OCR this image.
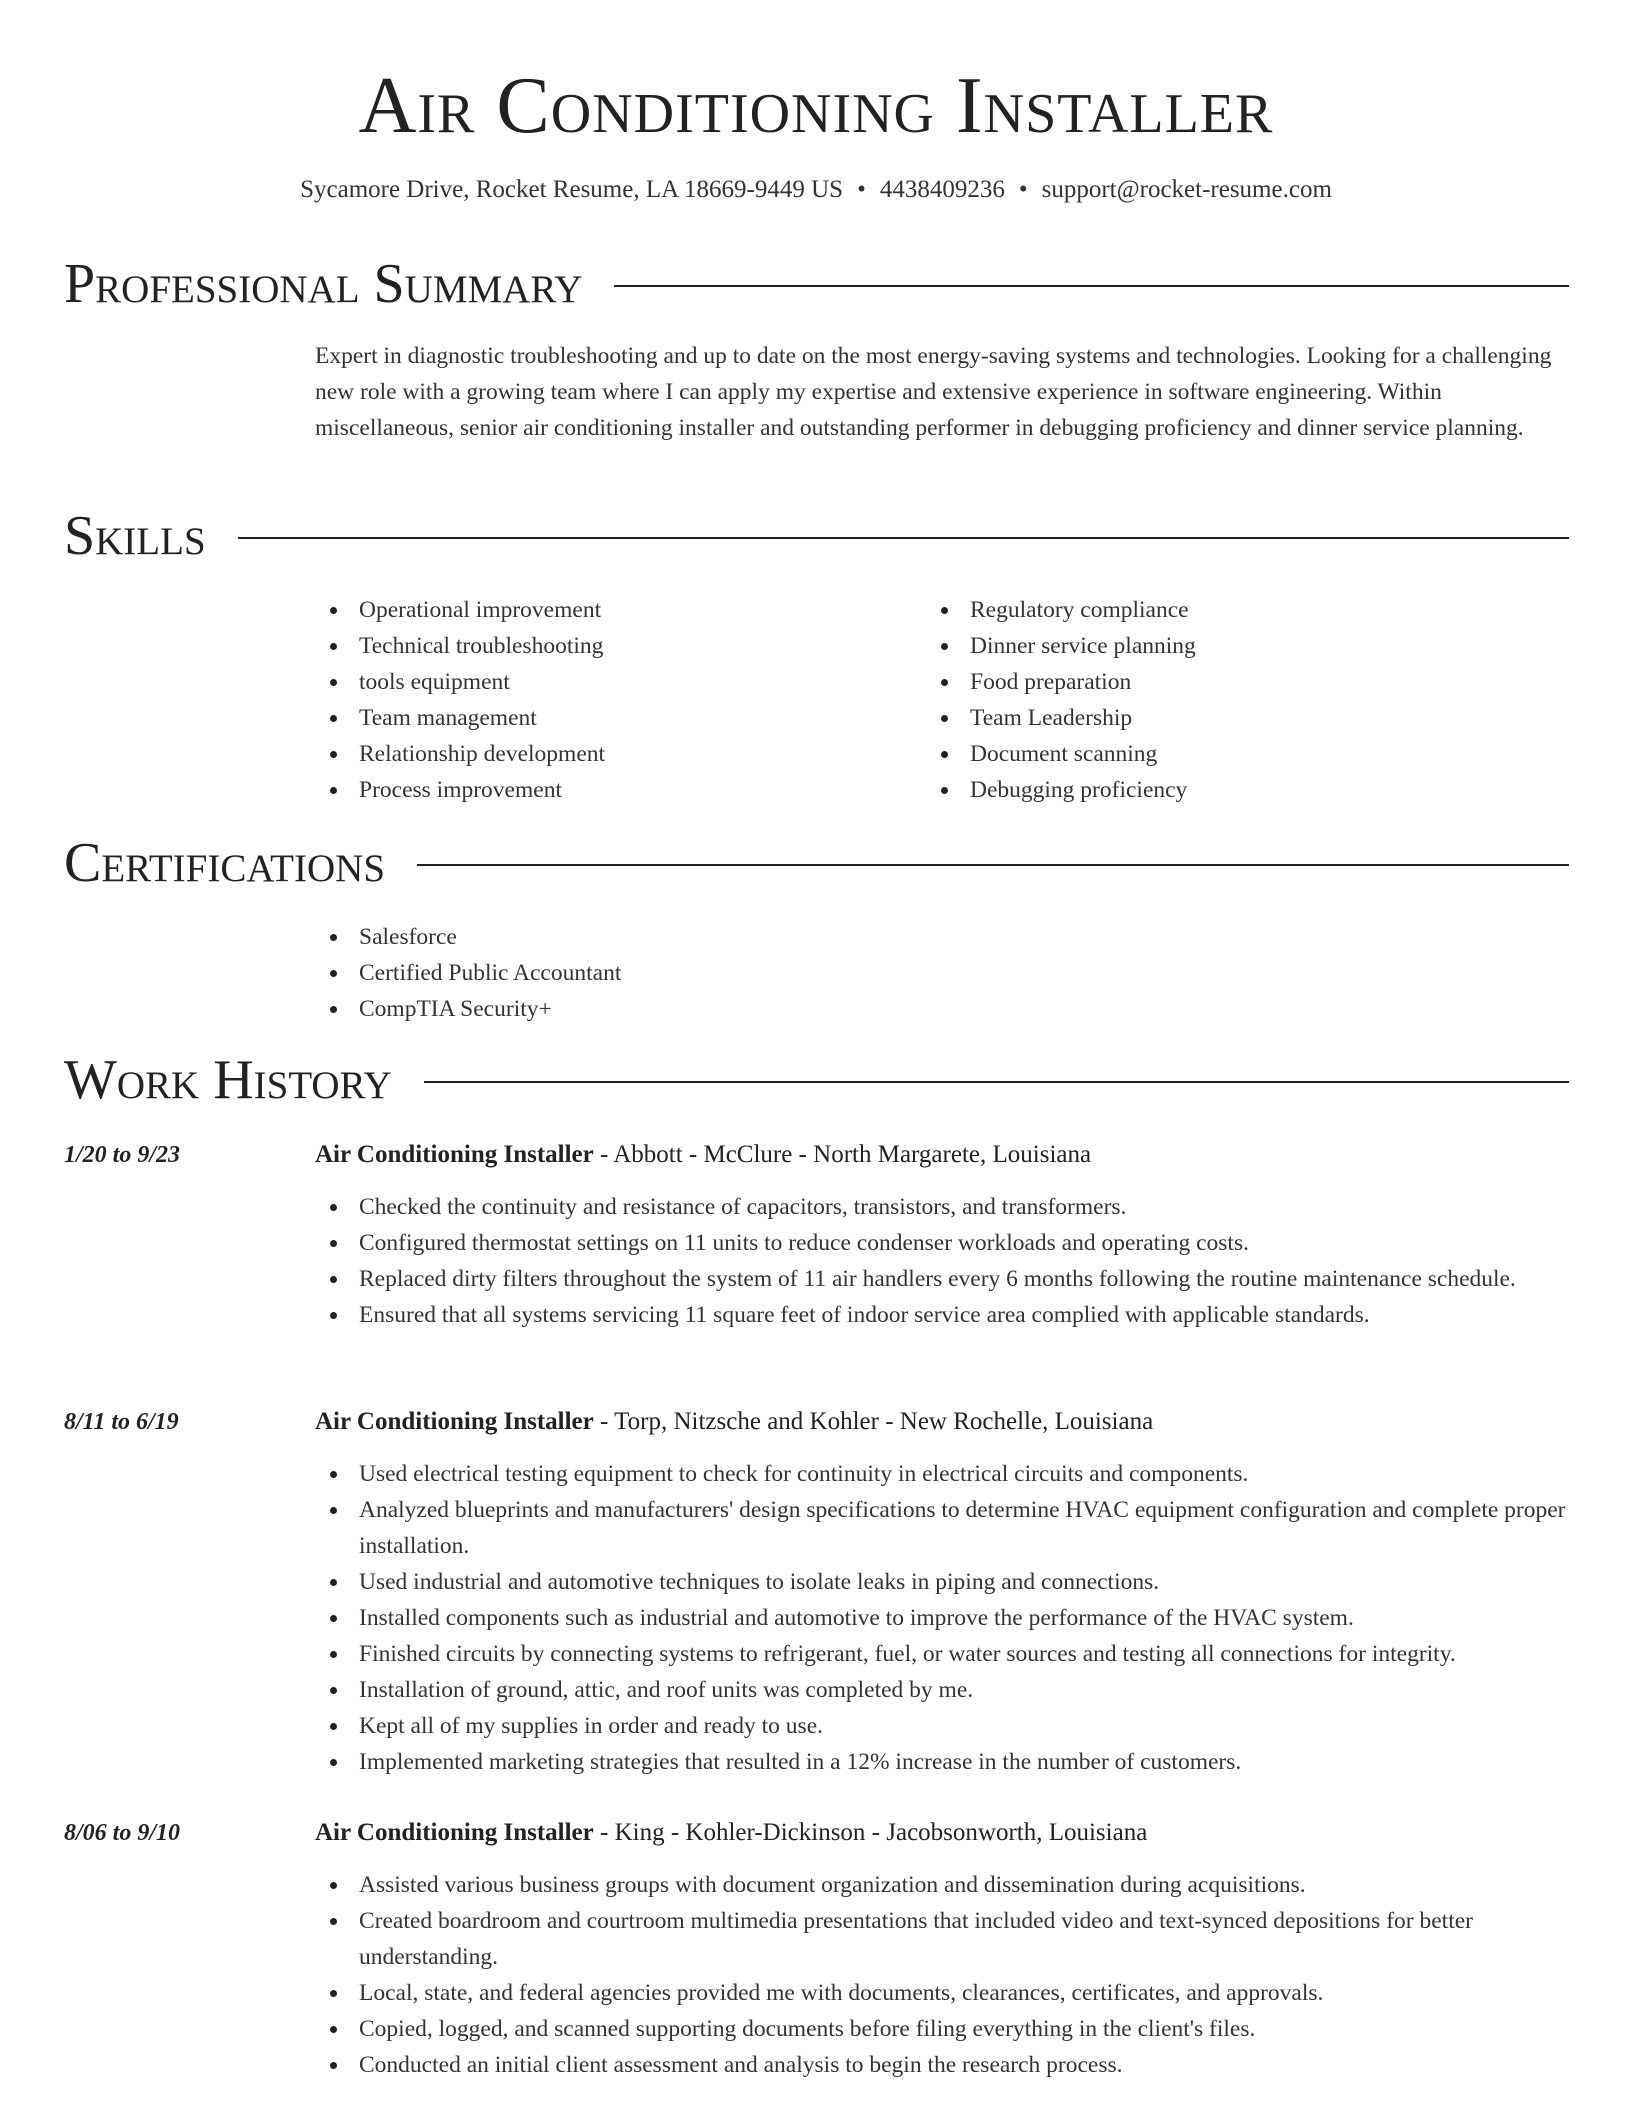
Air Conditioning Installer
Sycamore Drive, Rocket Resume, LA 18669-9449 US • 4438409236 • support@rocket-resume.com
Professional Summary
Expert in diagnostic troubleshooting and up to date on the most energy-saving systems and technologies. Looking for a challenging new role with a growing team where I can apply my expertise and extensive experience in software engineering. Within miscellaneous, senior air conditioning installer and outstanding performer in debugging proficiency and dinner service planning.
Skills
Operational improvement
Technical troubleshooting
tools equipment
Team management
Relationship development
Process improvement
Regulatory compliance
Dinner service planning
Food preparation
Team Leadership
Document scanning
Debugging proficiency
Certifications
Salesforce
Certified Public Accountant
CompTIA Security+
Work History
1/20 to 9/23	Air Conditioning Installer - Abbott - McClure - North Margarete, Louisiana
Checked the continuity and resistance of capacitors, transistors, and transformers.
Configured thermostat settings on 11 units to reduce condenser workloads and operating costs.
Replaced dirty filters throughout the system of 11 air handlers every 6 months following the routine maintenance schedule.
Ensured that all systems servicing 11 square feet of indoor service area complied with applicable standards.
8/11 to 6/19	Air Conditioning Installer - Torp, Nitzsche and Kohler - New Rochelle, Louisiana
Used electrical testing equipment to check for continuity in electrical circuits and components.
Analyzed blueprints and manufacturers' design specifications to determine HVAC equipment configuration and complete proper installation.
Used industrial and automotive techniques to isolate leaks in piping and connections.
Installed components such as industrial and automotive to improve the performance of the HVAC system.
Finished circuits by connecting systems to refrigerant, fuel, or water sources and testing all connections for integrity.
Installation of ground, attic, and roof units was completed by me.
Kept all of my supplies in order and ready to use.
Implemented marketing strategies that resulted in a 12% increase in the number of customers.
8/06 to 9/10	Air Conditioning Installer - King - Kohler-Dickinson - Jacobsonworth, Louisiana
Assisted various business groups with document organization and dissemination during acquisitions.
Created boardroom and courtroom multimedia presentations that included video and text-synced depositions for better understanding.
Local, state, and federal agencies provided me with documents, clearances, certificates, and approvals.
Copied, logged, and scanned supporting documents before filing everything in the client's files.
Conducted an initial client assessment and analysis to begin the research process.
